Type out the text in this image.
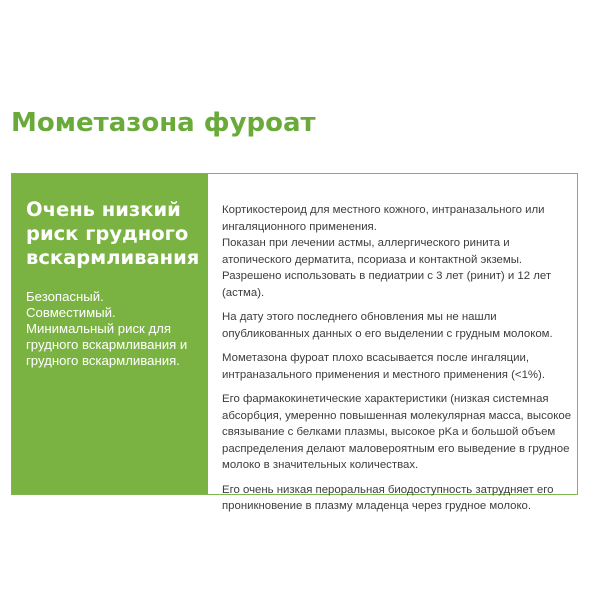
Мометазона фуроат
Очень низкий
риск грудного
вскармливания
Безопасный.
Совместимый.
Минимальный риск для
грудного вскармливания и
грудного вскармливания.
Кортикостероид для местного кожного, интраназального или
ингаляционного применения.
Показан при лечении астмы, аллергического ринита и
атопического дерматита, псориаза и контактной экземы.
Разрешено использовать в педиатрии с 3 лет (ринит) и 12 лет
(астма).
На дату этого последнего обновления мы не нашли
опубликованных данных о его выделении с грудным молоком.
Мометазона фуроат плохо всасывается после ингаляции,
интраназального применения и местного применения (<1%).
Его фармакокинетические характеристики (низкая системная
абсорбция, умеренно повышенная молекулярная масса, высокое
связывание с белками плазмы, высокое pKa и большой объем
распределения делают маловероятным его выведение в грудное
молоко в значительных количествах.
Его очень низкая пероральная биодоступность затрудняет его
проникновение в плазму младенца через грудное молоко.
